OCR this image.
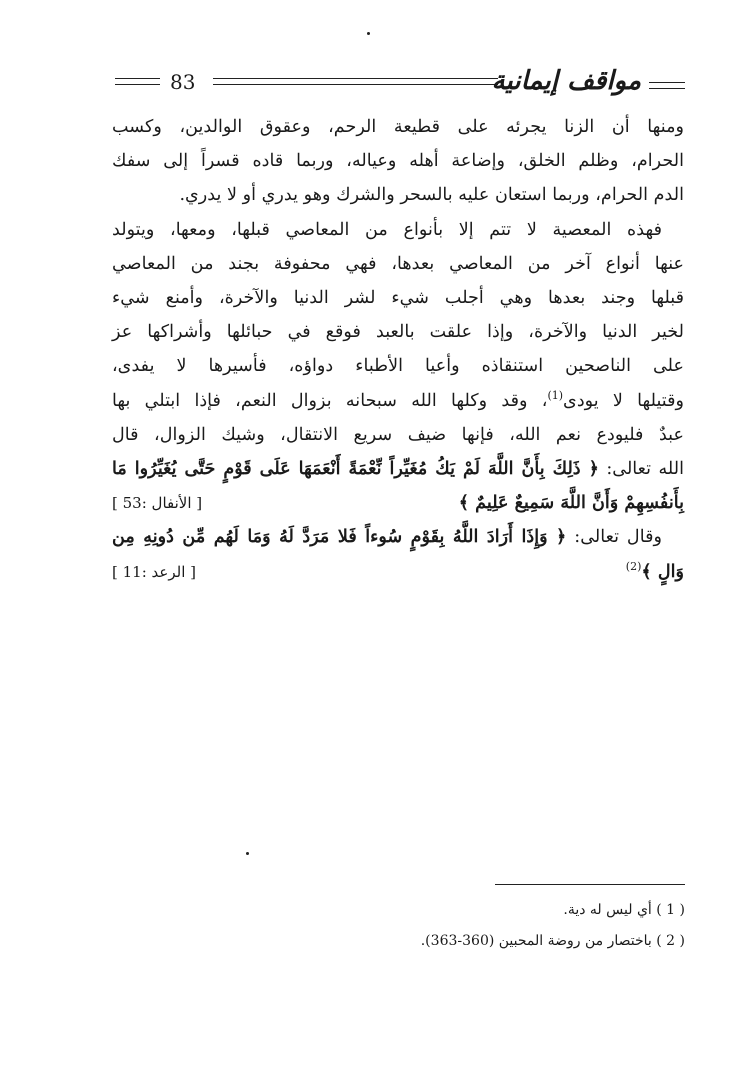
83	مواقف إيمانية

ومنها أن الزنا يجرئه على قطيعة الرحم، وعقوق الوالدين، وكسب
الحرام، وظلم الخلق، وإضاعة أهله وعياله، وربما قاده قسراً إلى سفك
الدم الحرام، وربما استعان عليه بالسحر والشرك وهو يدري أو لا يدري.

فهذه المعصية لا تتم إلا بأنواع من المعاصي قبلها، ومعها، ويتولد
عنها أنواع آخر من المعاصي بعدها، فهي محفوفة بجند من المعاصي
قبلها وجند بعدها وهي أجلب شيء لشر الدنيا والآخرة، وأمنع شيء
لخير الدنيا والآخرة، وإذا علقت بالعبد فوقع في حبائلها وأشراكها عز
على الناصحين استنقاذه وأعيا الأطباء دواؤه، فأسيرها لا يفدى،
وقتيلها لا يودى$^{(1)}$، وقد وكلها الله سبحانه بزوال النعم، فإذا ابتلي بها
عبدٌ فليودع نعم الله، فإنها ضيف سريع الانتقال، وشيك الزوال، قال
الله تعالى: ﴿ ذَلِكَ بِأَنَّ اللَّهَ لَمْ يَكُ مُغَيِّراً نِّعْمَةً أَنْعَمَهَا عَلَى قَوْمٍ حَتَّى يُغَيِّرُوا مَا
بِأَنفُسِهِمْ وَأَنَّ اللَّهَ سَمِيعٌ عَلِيمٌ ﴾
[ الأنفال :53 ]

وقال تعالى: ﴿ وَإِذَا أَرَادَ اللَّهُ بِقَوْمٍ سُوءاً فَلا مَرَدَّ لَهُ وَمَا لَهُم مِّن دُونِهِ مِن
وَالٍ ﴾$^{(2)}$
[ الرعد :11 ]

( 1 ) أي ليس له دية.
( 2 ) باختصار من روضة المحبين (360-363).
